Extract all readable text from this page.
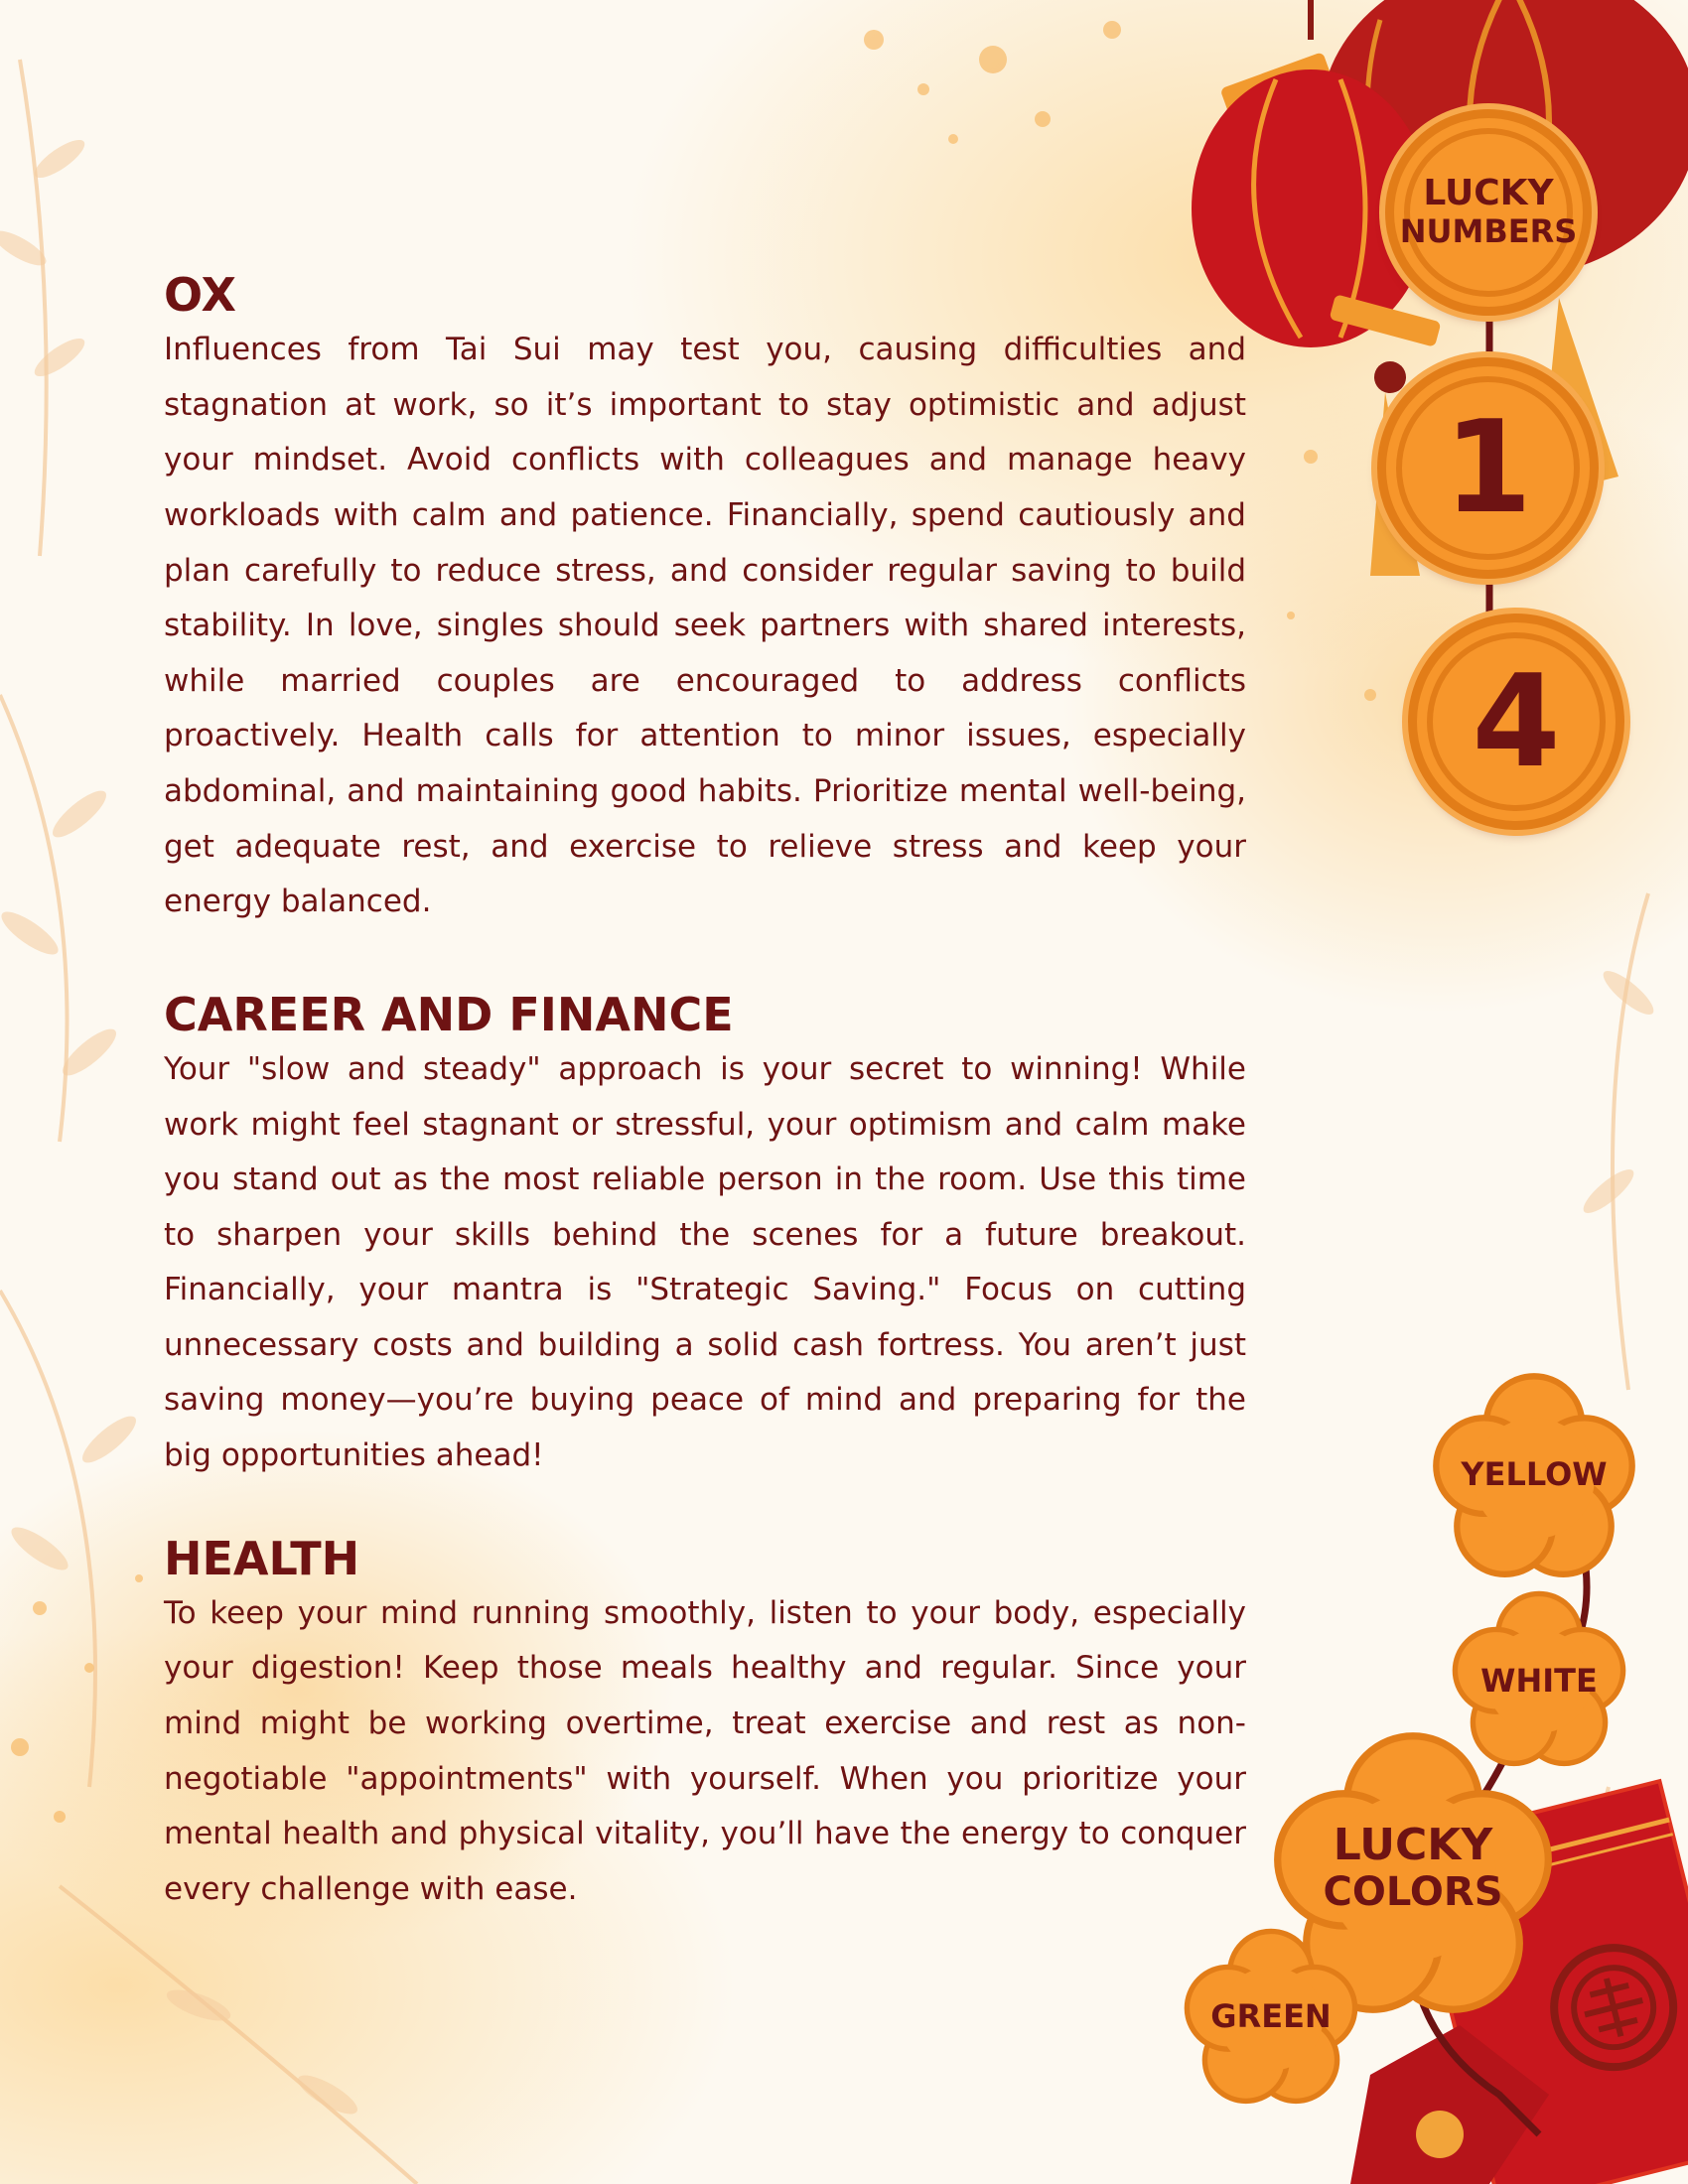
LUCKY
NUMBERS
1
4
YELLOW
WHITE
LUCKY
COLORS
GREEN
OX

Influences from Tai Sui may test you, causing difficulties and stagnation at work, so it’s important to stay optimistic and adjust your mindset. Avoid conflicts with colleagues and manage heavy workloads with calm and patience. Financially, spend cautiously and plan carefully to reduce stress, and consider regular saving to build stability. In love, singles should seek partners with shared interests, while married couples are encouraged to address conflicts proactively. Health calls for attention to minor issues, especially abdominal, and maintaining good habits. Prioritize mental well-being, get adequate rest, and exercise to relieve stress and keep your energy balanced.

CAREER AND FINANCE

Your "slow and steady" approach is your secret to winning! While work might feel stagnant or stressful, your optimism and calm make you stand out as the most reliable person in the room. Use this time to sharpen your skills behind the scenes for a future breakout. Financially, your mantra is "Strategic Saving." Focus on cutting unnecessary costs and building a solid cash fortress. You aren’t just saving money—you’re buying peace of mind and preparing for the big opportunities ahead!

HEALTH

To keep your mind running smoothly, listen to your body, especially your digestion! Keep those meals healthy and regular. Since your mind might be working overtime, treat exercise and rest as non-negotiable "appointments" with yourself. When you prioritize your mental health and physical vitality, you’ll have the energy to conquer every challenge with ease.
